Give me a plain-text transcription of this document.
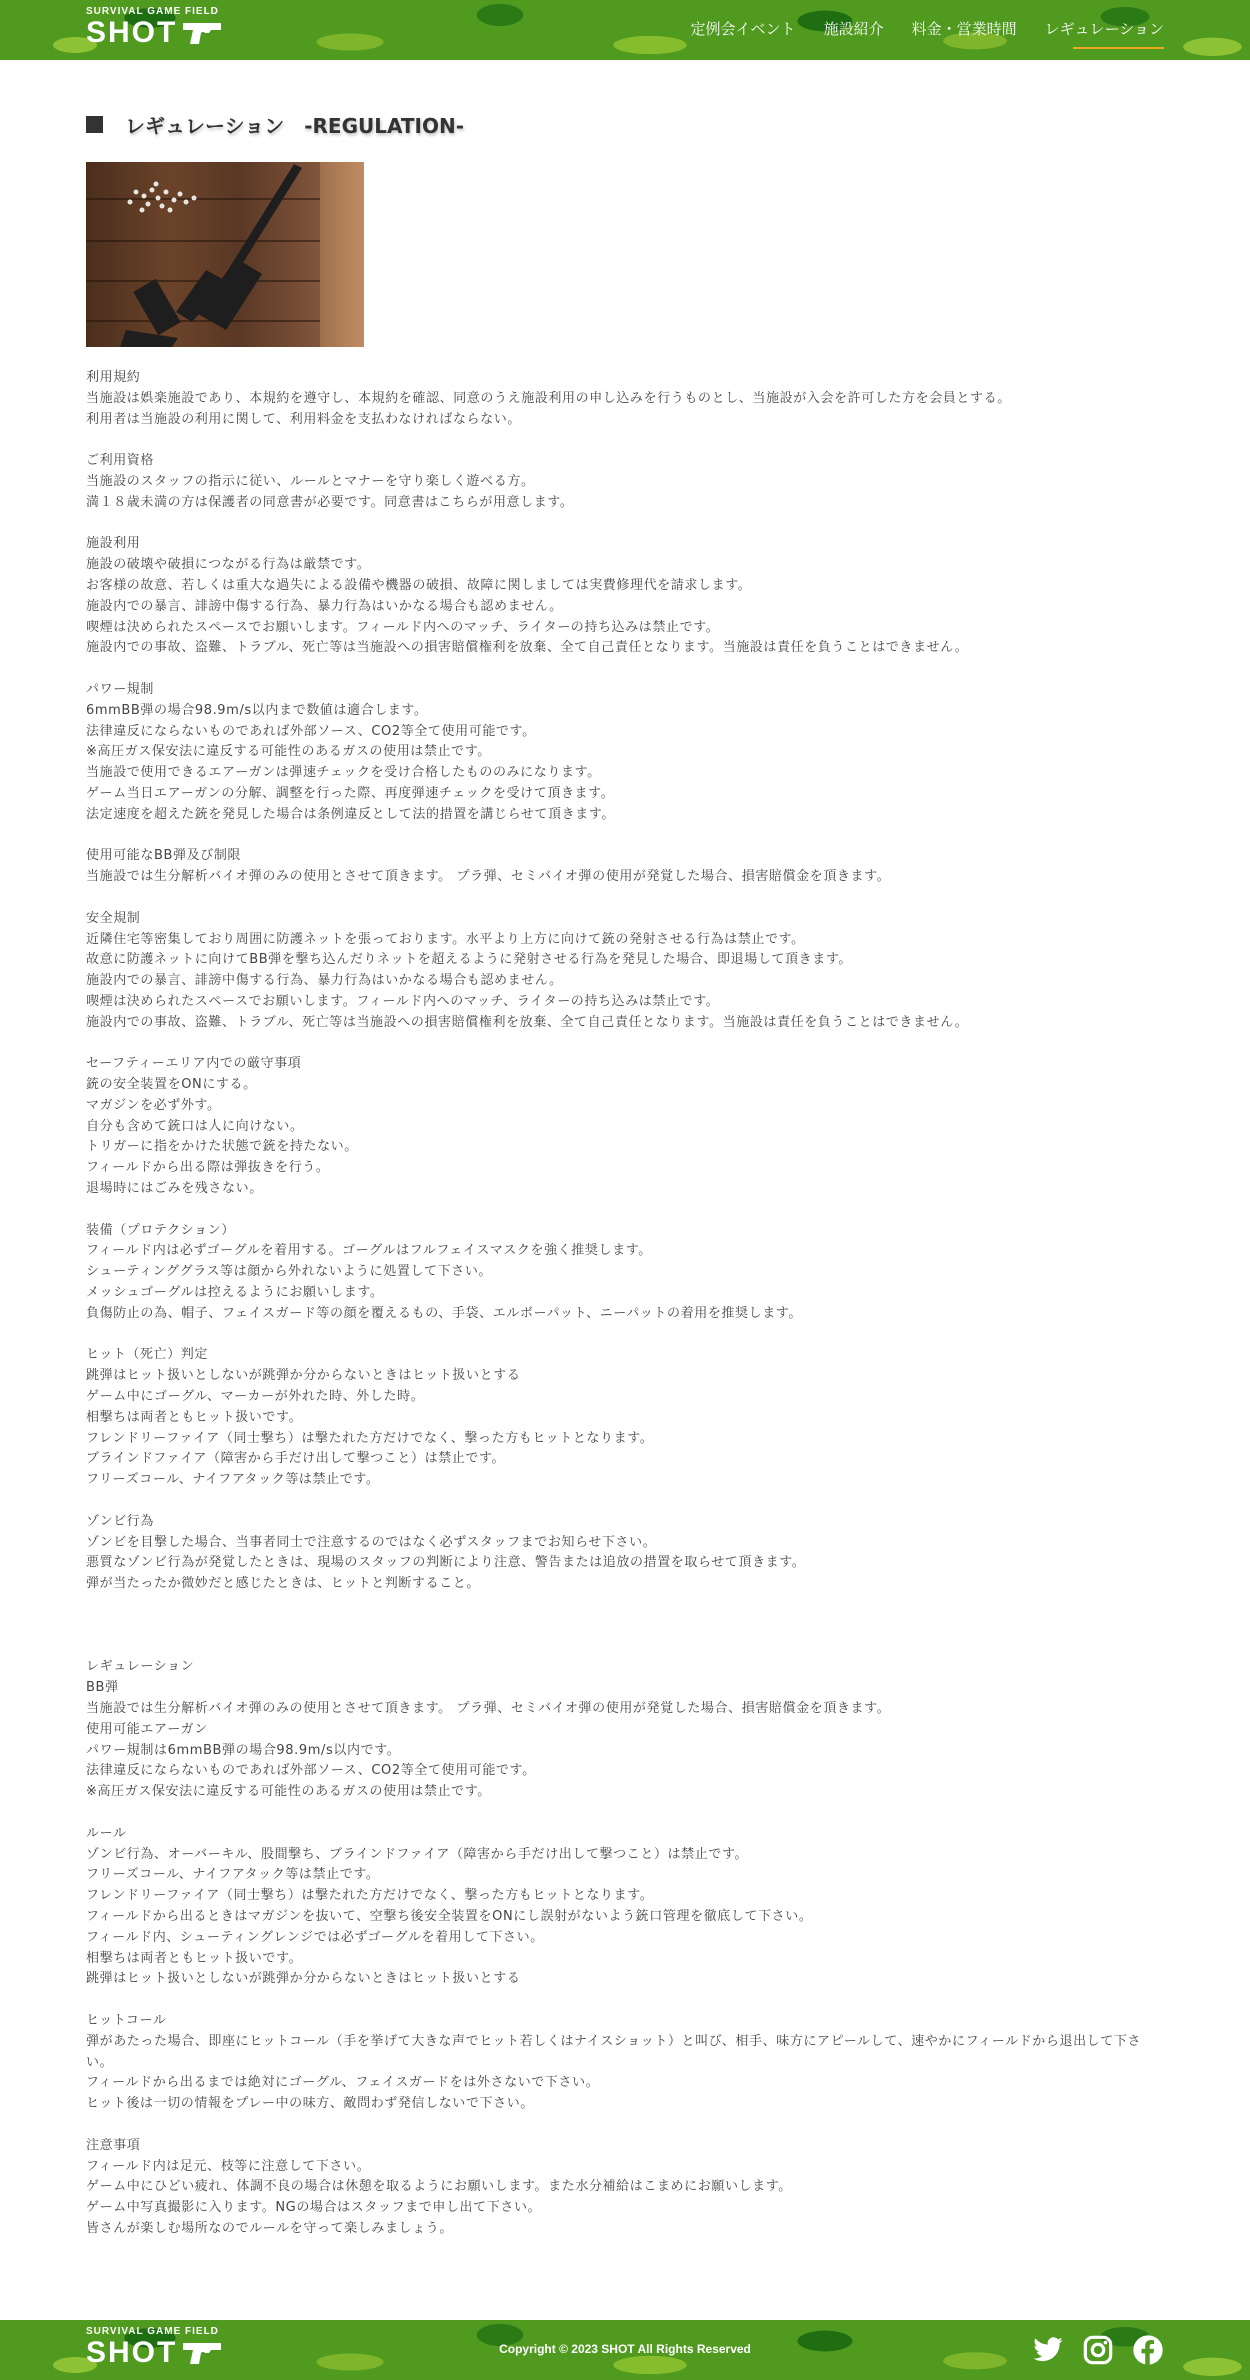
SURVIVAL GAME FIELD
SHOT	定例会イベント 施設紹介 料金・営業時間 レギュレーション
レギュレーション　-REGULATION-

利用規約

当施設は娯楽施設であり、本規約を遵守し、本規約を確認、同意のうえ施設利用の申し込みを行うものとし、当施設が入会を許可した方を会員とする。

利用者は当施設の利用に関して、利用料金を支払わなければならない。

ご利用資格

当施設のスタッフの指示に従い、ルールとマナーを守り楽しく遊べる方。

満１８歳未満の方は保護者の同意書が必要です。同意書はこちらが用意します。

施設利用

施設の破壊や破損につながる行為は厳禁です。

お客様の故意、若しくは重大な過失による設備や機器の破損、故障に関しましては実費修理代を請求します。

施設内での暴言、誹謗中傷する行為、暴力行為はいかなる場合も認めません。

喫煙は決められたスペースでお願いします。フィールド内へのマッチ、ライターの持ち込みは禁止です。

施設内での事故、盗難、トラブル、死亡等は当施設への損害賠償権利を放棄、全て自己責任となります。当施設は責任を負うことはできません。

パワー規制

6mmBB弾の場合98.9m/s以内まで数値は適合します。

法律違反にならないものであれば外部ソース、CO2等全て使用可能です。

※高圧ガス保安法に違反する可能性のあるガスの使用は禁止です。

当施設で使用できるエアーガンは弾速チェックを受け合格したもののみになります。

ゲーム当日エアーガンの分解、調整を行った際、再度弾速チェックを受けて頂きます。

法定速度を超えた銃を発見した場合は条例違反として法的措置を講じらせて頂きます。

使用可能なBB弾及び制限

当施設では生分解析バイオ弾のみの使用とさせて頂きます。 プラ弾、セミバイオ弾の使用が発覚した場合、損害賠償金を頂きます。

安全規制

近隣住宅等密集しており周囲に防護ネットを張っております。水平より上方に向けて銃の発射させる行為は禁止です。

故意に防護ネットに向けてBB弾を撃ち込んだりネットを超えるように発射させる行為を発見した場合、即退場して頂きます。

施設内での暴言、誹謗中傷する行為、暴力行為はいかなる場合も認めません。

喫煙は決められたスペースでお願いします。フィールド内へのマッチ、ライターの持ち込みは禁止です。

施設内での事故、盗難、トラブル、死亡等は当施設への損害賠償権利を放棄、全て自己責任となります。当施設は責任を負うことはできません。

セーフティーエリア内での厳守事項

銃の安全装置をONにする。

マガジンを必ず外す。

自分も含めて銃口は人に向けない。

トリガーに指をかけた状態で銃を持たない。

フィールドから出る際は弾抜きを行う。

退場時にはごみを残さない。

装備（プロテクション）

フィールド内は必ずゴーグルを着用する。ゴーグルはフルフェイスマスクを強く推奨します。

シューティンググラス等は顔から外れないように処置して下さい。

メッシュゴーグルは控えるようにお願いします。

負傷防止の為、帽子、フェイスガード等の顔を覆えるもの、手袋、エルボーパット、ニーパットの着用を推奨します。

ヒット（死亡）判定

跳弾はヒット扱いとしないが跳弾か分からないときはヒット扱いとする

ゲーム中にゴーグル、マーカーが外れた時、外した時。

相撃ちは両者ともヒット扱いです。

フレンドリーファイア（同士撃ち）は撃たれた方だけでなく、撃った方もヒットとなります。

ブラインドファイア（障害から手だけ出して撃つこと）は禁止です。

フリーズコール、ナイフアタック等は禁止です。

ゾンビ行為

ゾンビを目撃した場合、当事者同士で注意するのではなく必ずスタッフまでお知らせ下さい。

悪質なゾンビ行為が発覚したときは、現場のスタッフの判断により注意、警告または追放の措置を取らせて頂きます。

弾が当たったか微妙だと感じたときは、ヒットと判断すること。

レギュレーション

BB弾

当施設では生分解析バイオ弾のみの使用とさせて頂きます。 プラ弾、セミバイオ弾の使用が発覚した場合、損害賠償金を頂きます。

使用可能エアーガン

パワー規制は6mmBB弾の場合98.9m/s以内です。

法律違反にならないものであれば外部ソース、CO2等全て使用可能です。

※高圧ガス保安法に違反する可能性のあるガスの使用は禁止です。

ルール

ゾンビ行為、オーバーキル、股間撃ち、ブラインドファイア（障害から手だけ出して撃つこと）は禁止です。

フリーズコール、ナイフアタック等は禁止です。

フレンドリーファイア（同士撃ち）は撃たれた方だけでなく、撃った方もヒットとなります。

フィールドから出るときはマガジンを抜いて、空撃ち後安全装置をONにし誤射がないよう銃口管理を徹底して下さい。

フィールド内、シューティングレンジでは必ずゴーグルを着用して下さい。

相撃ちは両者ともヒット扱いです。

跳弾はヒット扱いとしないが跳弾か分からないときはヒット扱いとする

ヒットコール

弾があたった場合、即座にヒットコール（手を挙げて大きな声でヒット若しくはナイスショット）と叫び、相手、味方にアピールして、速やかにフィールドから退出して下さい。

フィールドから出るまでは絶対にゴーグル、フェイスガードをは外さないで下さい。

ヒット後は一切の情報をプレー中の味方、敵問わず発信しないで下さい。

注意事項

フィールド内は足元、枝等に注意して下さい。

ゲーム中にひどい疲れ、体調不良の場合は休憩を取るようにお願いします。また水分補給はこまめにお願いします。

ゲーム中写真撮影に入ります。NGの場合はスタッフまで申し出て下さい。

皆さんが楽しむ場所なのでルールを守って楽しみましょう。

SURVIVAL GAME FIELD
SHOT	Copyright © 2023 SHOT All Rights Reserved
